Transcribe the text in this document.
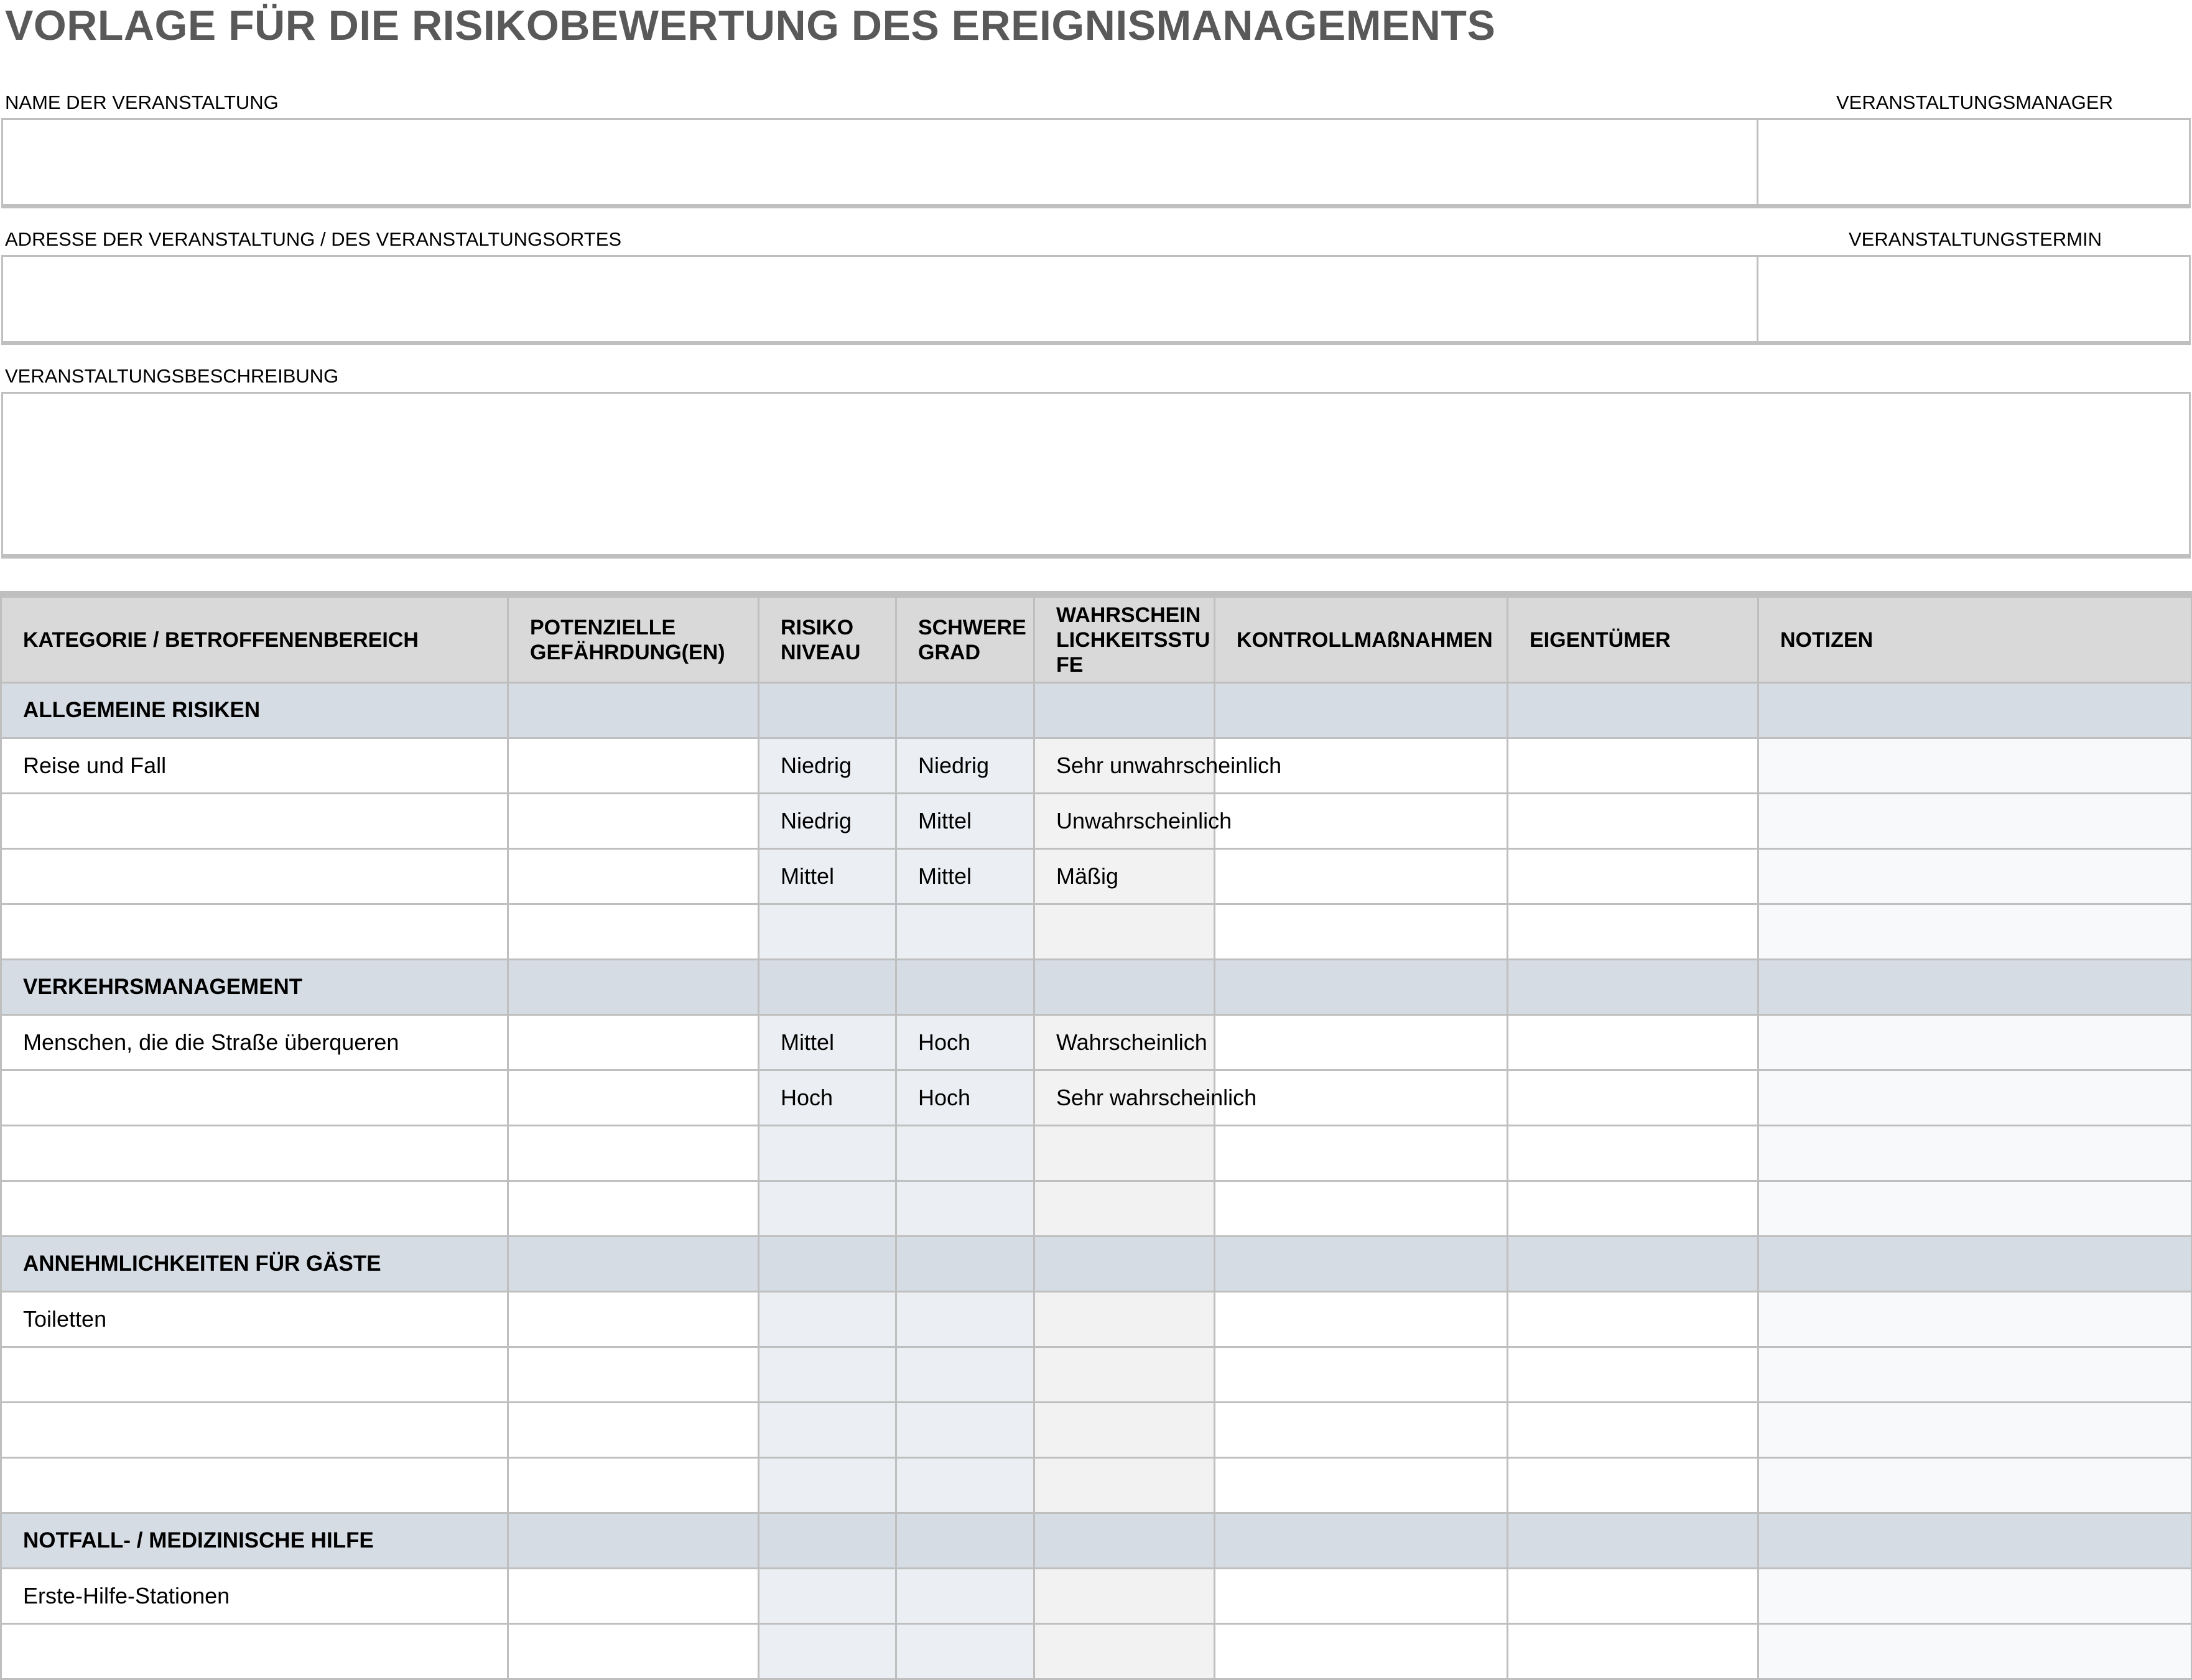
VORLAGE FÜR DIE RISIKOBEWERTUNG DES EREIGNISMANAGEMENTS
NAME DER VERANSTALTUNG	VERANSTALTUNGSMANAGER
ADRESSE DER VERANSTALTUNG / DES VERANSTALTUNGSORTES	VERANSTALTUNGSTERMIN
VERANSTALTUNGSBESCHREIBUNG
KATEGORIE / BETROFFENENBEREICH	POTENZIELLE GEFÄHRDUNG(EN)	RISIKO NIVEAU	SCHWERE GRAD	WAHRSCHEIN LICHKEITSSTU FE	KONTROLLMAßNAHMEN	EIGENTÜMER	NOTIZEN
ALLGEMEINE RISIKEN							
Reise und Fall		Niedrig	Niedrig	Sehr unwahrscheinlich			
		Niedrig	Mittel	Unwahrscheinlich			
		Mittel	Mittel	Mäßig			

VERKEHRSMANAGEMENT							
Menschen, die die Straße überqueren		Mittel	Hoch	Wahrscheinlich			
		Hoch	Hoch	Sehr wahrscheinlich			

ANNEHMLICHKEITEN FÜR GÄSTE							
Toiletten							

NOTFALL- / MEDIZINISCHE HILFE							
Erste-Hilfe-Stationen							
